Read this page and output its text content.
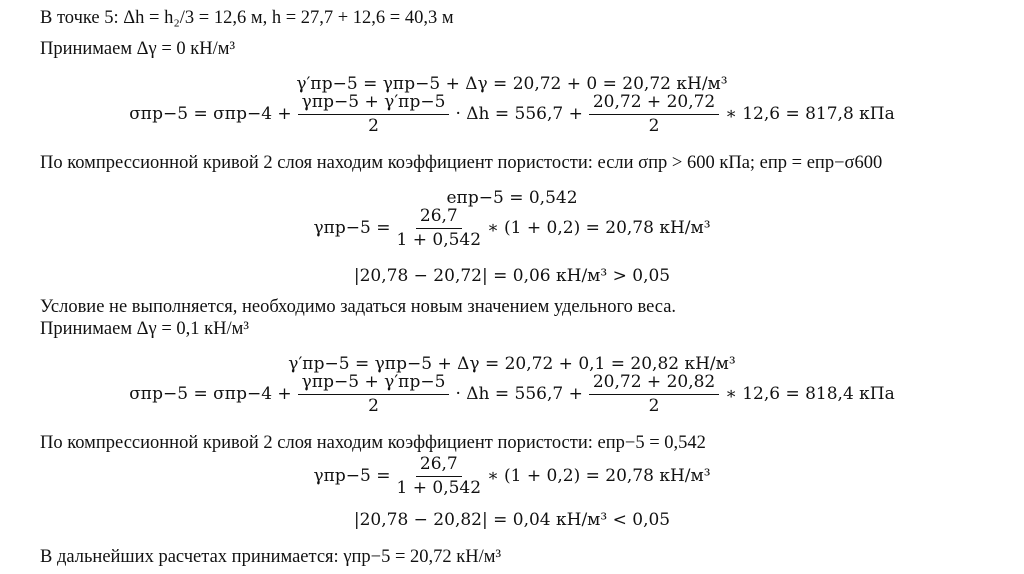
В точке 5: Δh = h₂/3 = 12,6 м, h = 27,7 + 12,6 = 40,3 м
Принимаем Δγ = 0 кН/м³
γ′пр−5 = γпр−5 + Δγ = 20,72 + 0 = 20,72 кН/м³
$\sigma пр-5 = \sigma пр-4 + \frac{\text{γпр−5 + γ′пр−5}}{2} \cdot \Delta h = 556,7 + \frac{20,72 + 20,72}{2}$ ∗ 12,6 = 817,8 кПа
По компрессионной кривой 2 слоя находим коэффициент пористости: если σпр > 600 кПа; eпр = eпр−σ600
eпр−5 = 0,542
$\gamma пр-5 = \frac{26,7}{1 + 0,542}$ ∗ (1 + 0,2) = 20,78 кН/м³
|20,78 − 20,72| = 0,06 кН/м³ > 0,05
Условие не выполняется, необходимо задаться новым значением удельного веса.
Принимаем Δγ = 0,1 кН/м³
γ′пр−5 = γпр−5 + Δγ = 20,72 + 0,1 = 20,82 кН/м³
$\sigma пр-5 = \sigma пр-4 + \frac{\text{γпр−5 + γ′пр−5}}{2} \cdot \Delta h = 556,7 + \frac{20,72 + 20,82}{2}$ ∗ 12,6 = 818,4 кПа
По компрессионной кривой 2 слоя находим коэффициент пористости: eпр−5 = 0,542
$\gamma пр-5 = \frac{26,7}{1 + 0,542}$ ∗ (1 + 0,2) = 20,78 кН/м³
|20,78 − 20,82| = 0,04 кН/м³ < 0,05
В дальнейших расчетах принимается: γпр−5 = 20,72 кН/м³
